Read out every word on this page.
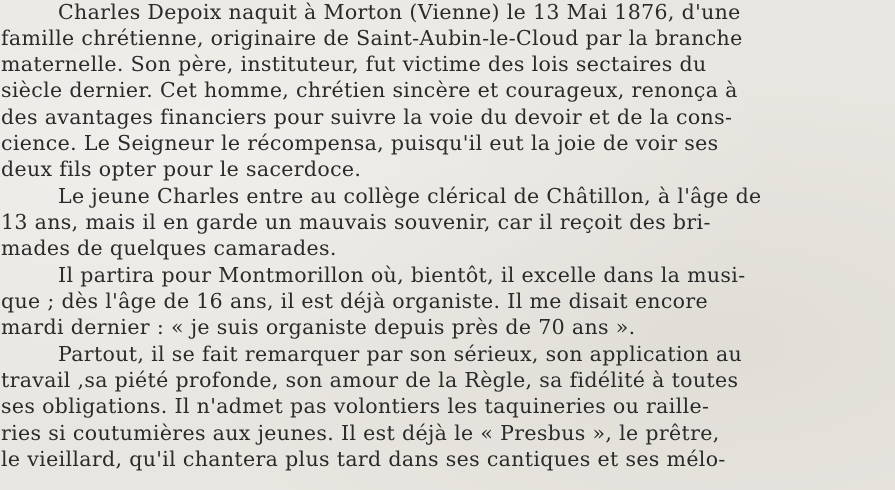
Charles Depoix naquit à Morton (Vienne) le 13 Mai 1876, d'une
famille chrétienne, originaire de Saint-Aubin-le-Cloud par la branche
maternelle. Son père, instituteur, fut victime des lois sectaires du
siècle dernier. Cet homme, chrétien sincère et courageux, renonça à
des avantages financiers pour suivre la voie du devoir et de la cons-
cience. Le Seigneur le récompensa, puisqu'il eut la joie de voir ses
deux fils opter pour le sacerdoce.
Le jeune Charles entre au collège clérical de Châtillon, à l'âge de
13 ans, mais il en garde un mauvais souvenir, car il reçoit des bri-
mades de quelques camarades.
Il partira pour Montmorillon où, bientôt, il excelle dans la musi-
que ; dès l'âge de 16 ans, il est déjà organiste. Il me disait encore
mardi dernier : « je suis organiste depuis près de 70 ans ».
Partout, il se fait remarquer par son sérieux, son application au
travail ,sa piété profonde, son amour de la Règle, sa fidélité à toutes
ses obligations. Il n'admet pas volontiers les taquineries ou raille-
ries si coutumières aux jeunes. Il est déjà le « Presbus », le prêtre,
le vieillard, qu'il chantera plus tard dans ses cantiques et ses mélo-
